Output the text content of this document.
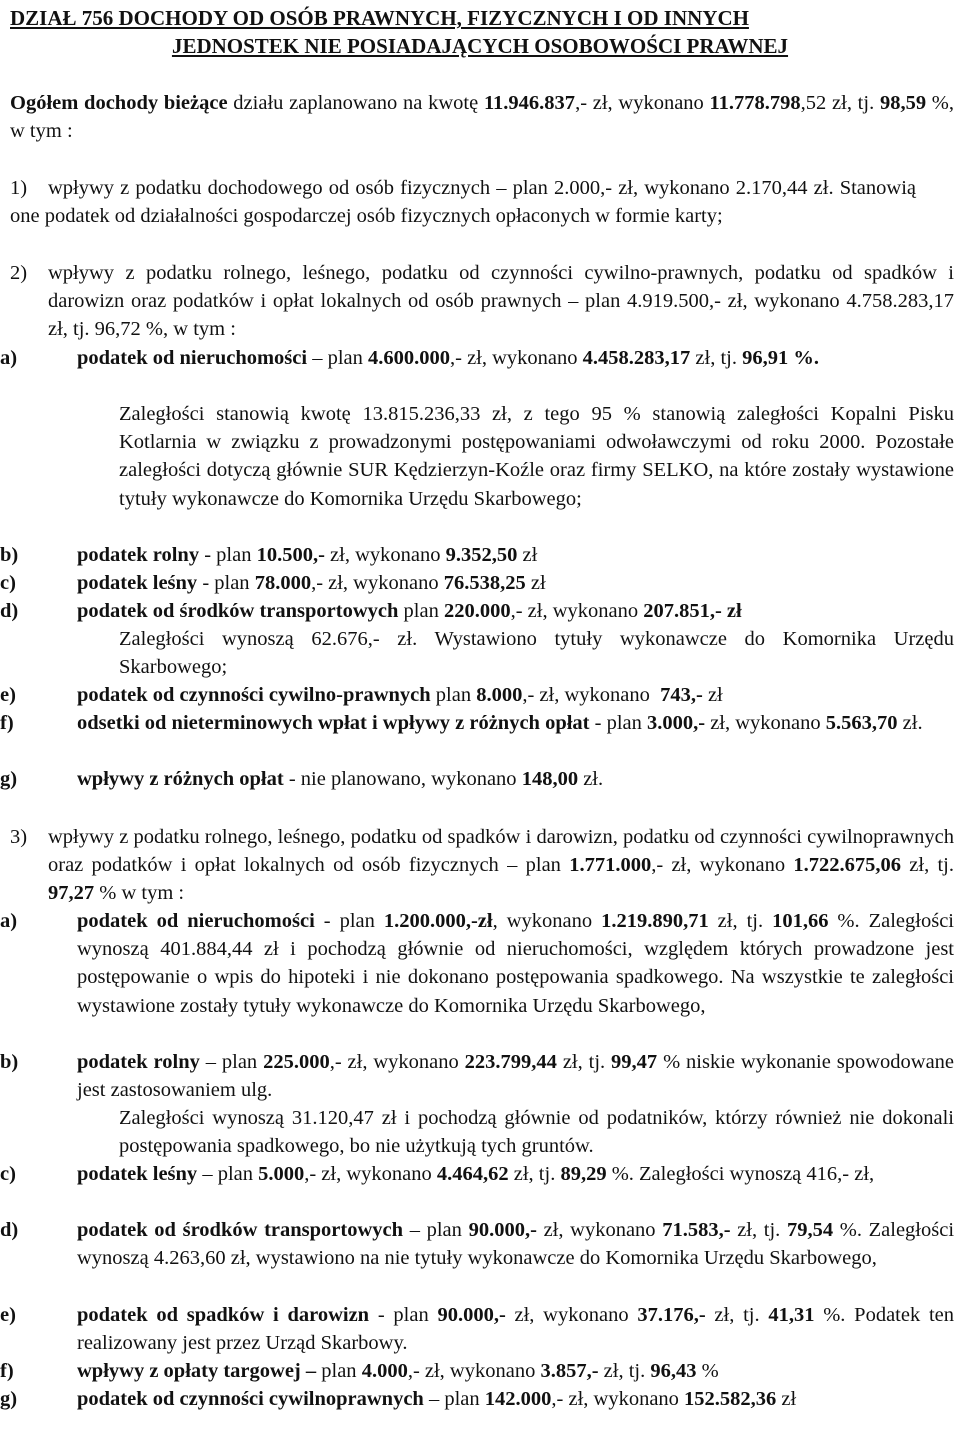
DZIAŁ 756 DOCHODY OD OSÓB PRAWNYCH, FIZYCZNYCH I OD INNYCH
JEDNOSTEK NIE POSIADAJĄCYCH OSOBOWOŚCI PRAWNEJ
Ogółem dochody bieżące działu zaplanowano na kwotę 11.946.837,- zł, wykonano 11.778.798,52 zł, tj. 98,59 %, w tym :
1)	wpływy z podatku dochodowego od osób fizycznych – plan 2.000,- zł, wykonano 2.170,44 zł. Stanowią one podatek od działalności gospodarczej osób fizycznych opłaconych w formie karty;
2) wpływy z podatku rolnego, leśnego, podatku od czynności cywilno-prawnych, podatku od spadków i darowizn oraz podatków i opłat lokalnych od osób prawnych – plan 4.919.500,- zł, wykonano 4.758.283,17 zł, tj. 96,72 %, w tym :
a)	podatek od nieruchomości – plan 4.600.000,- zł, wykonano 4.458.283,17 zł, tj. 96,91 %.
Zaległości stanowią kwotę 13.815.236,33 zł, z tego 95 % stanowią zaległości Kopalni Pisku Kotlarnia w związku z prowadzonymi postępowaniami odwoławczymi od roku 2000. Pozostałe zaległości dotyczą głównie SUR Kędzierzyn-Koźle oraz firmy SELKO, na które zostały wystawione tytuły wykonawcze do Komornika Urzędu Skarbowego;
b)	podatek rolny - plan 10.500,- zł, wykonano 9.352,50 zł
c)	podatek leśny - plan 78.000,- zł, wykonano 76.538,25 zł
d)	podatek od środków transportowych plan 220.000,- zł, wykonano 207.851,- zł
Zaległości wynoszą 62.676,- zł. Wystawiono tytuły wykonawcze do Komornika Urzędu Skarbowego;
e)	podatek od czynności cywilno-prawnych plan 8.000,- zł, wykonano  743,- zł
f)	odsetki od nieterminowych wpłat i wpływy z różnych opłat - plan 3.000,- zł, wykonano 5.563,70 zł.
g)	wpływy z różnych opłat - nie planowano, wykonano 148,00 zł.
3) wpływy z podatku rolnego, leśnego, podatku od spadków i darowizn, podatku od czynności cywilnoprawnych oraz podatków i opłat lokalnych od osób fizycznych – plan 1.771.000,- zł, wykonano 1.722.675,06 zł, tj. 97,27 % w tym :
a)	podatek od nieruchomości - plan 1.200.000,-zł, wykonano 1.219.890,71 zł, tj. 101,66 %. Zaległości wynoszą 401.884,44 zł i pochodzą głównie od nieruchomości, względem których prowadzone jest postępowanie o wpis do hipoteki i nie dokonano postępowania spadkowego. Na wszystkie te zaległości wystawione zostały tytuły wykonawcze do Komornika Urzędu Skarbowego,
b)	podatek rolny – plan 225.000,- zł, wykonano 223.799,44 zł, tj. 99,47 % niskie wykonanie spowodowane jest zastosowaniem ulg.
Zaległości wynoszą 31.120,47 zł i pochodzą głównie od podatników, którzy również nie dokonali postępowania spadkowego, bo nie użytkują tych gruntów.
c)	podatek leśny – plan 5.000,- zł, wykonano 4.464,62 zł, tj. 89,29 %. Zaległości wynoszą 416,- zł,
d)	podatek od środków transportowych – plan 90.000,- zł, wykonano 71.583,- zł, tj. 79,54 %. Zaległości wynoszą 4.263,60 zł, wystawiono na nie tytuły wykonawcze do Komornika Urzędu Skarbowego,
e)	podatek od spadków i darowizn - plan 90.000,- zł, wykonano 37.176,- zł, tj. 41,31 %. Podatek ten realizowany jest przez Urząd Skarbowy.
f)	wpływy z opłaty targowej – plan 4.000,- zł, wykonano 3.857,- zł, tj. 96,43 %
g)	podatek od czynności cywilnoprawnych – plan 142.000,- zł, wykonano 152.582,36 zł
